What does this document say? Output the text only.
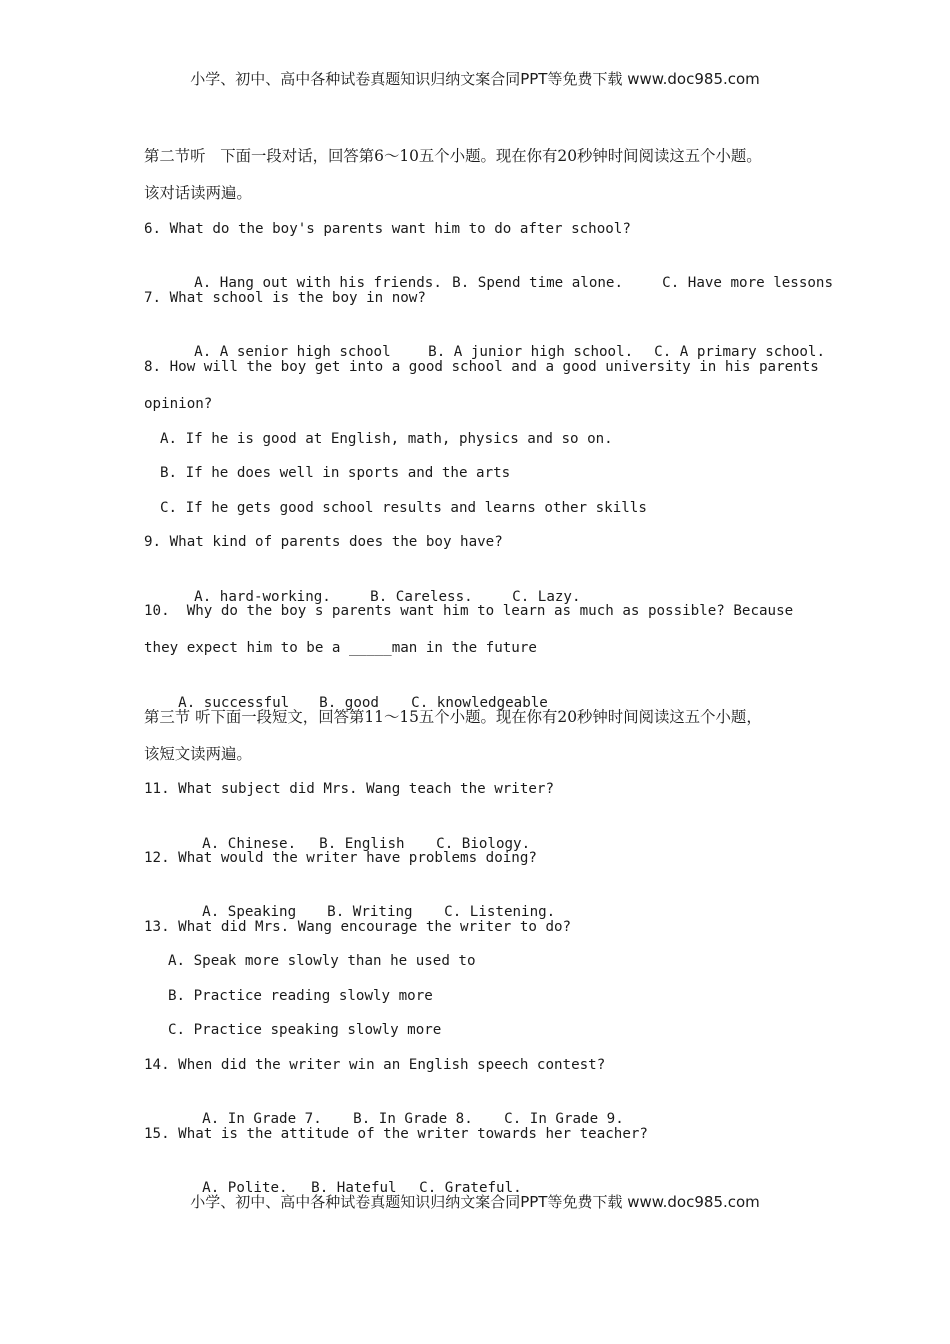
小学、初中、高中各种试卷真题知识归纳文案合同PPT等免费下载 www.doc985.com
第二节听   下面一段对话，回答第6～10五个小题。现在你有20秒钟时间阅读这五个小题。
该对话读两遍。
6. What do the boy's parents want him to do after school?

A. Hang out with his friends. B. Spend time alone.	C. Have more lessons

7. What school is the boy in now?

A. A senior high school	B. A junior high school. C. A primary school.

8. How will the boy get into a good school and a good university in his parents
opinion?
A. If he is good at English, math, physics and so on.
B. If he does well in sports and the arts
C. If he gets good school results and learns other skills
9. What kind of parents does the boy have?

A. hard-working.	B. Careless.	C. Lazy.

10.  Why do the boy s parents want him to learn as much as possible? Because
they expect him to be a _____man in the future

A. successful B. good C. knowledgeable

第三节 听下面一段短文，回答第11～15五个小题。现在你有20秒钟时间阅读这五个小题，
该短文读两遍。
11. What subject did Mrs. Wang teach the writer?

A. Chinese. B. English C. Biology.

12. What would the writer have problems doing?

A. Speaking B. Writing C. Listening.

13. What did Mrs. Wang encourage the writer to do?
A. Speak more slowly than he used to
B. Practice reading slowly more
C. Practice speaking slowly more
14. When did the writer win an English speech contest?

A. In Grade 7. B. In Grade 8. C. In Grade 9.

15. What is the attitude of the writer towards her teacher?

A. Polite. B. Hateful C. Grateful.

小学、初中、高中各种试卷真题知识归纳文案合同PPT等免费下载 www.doc985.com
